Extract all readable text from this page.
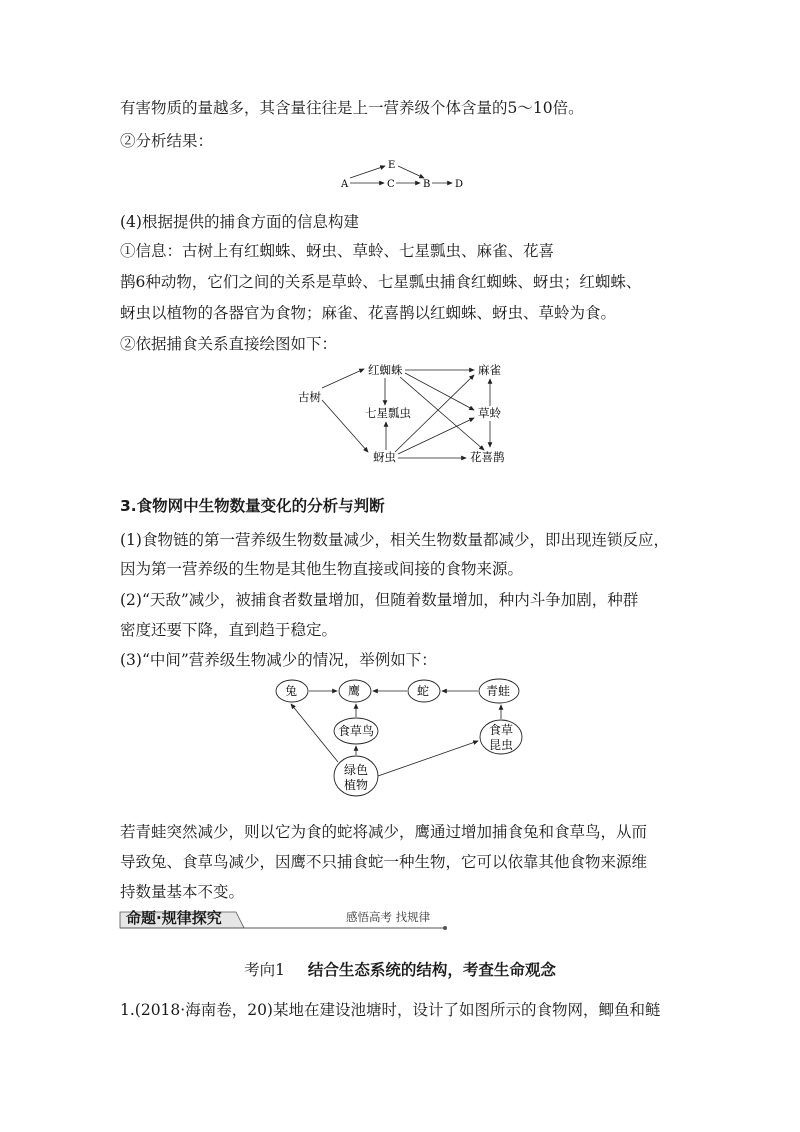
有害物质的量越多，其含量往往是上一营养级个体含量的5～10倍。
②分析结果：
E
A	C	B D
古树
红蜘蛛
七星瓢虫
蚜虫
麻雀
草蛉
花喜鹊
兔	鹰	蛇	青蛙
食草鸟	食草
昆虫
绿色
植物
(4)根据提供的捕食方面的信息构建
①信息：古树上有红蜘蛛、蚜虫、草蛉、七星瓢虫、麻雀、花喜
鹊6种动物，它们之间的关系是草蛉、七星瓢虫捕食红蜘蛛、蚜虫；红蜘蛛、
蚜虫以植物的各器官为食物；麻雀、花喜鹊以红蜘蛛、蚜虫、草蛉为食。
②依据捕食关系直接绘图如下：
3.食物网中生物数量变化的分析与判断
(1)食物链的第一营养级生物数量减少，相关生物数量都减少，即出现连锁反应，
因为第一营养级的生物是其他生物直接或间接的食物来源。
(2)“天敌”减少，被捕食者数量增加，但随着数量增加，种内斗争加剧，种群
密度还要下降，直到趋于稳定。
(3)“中间”营养级生物减少的情况，举例如下：
若青蛙突然减少，则以它为食的蛇将减少，鹰通过增加捕食兔和食草鸟，从而
导致兔、食草鸟减少，因鹰不只捕食蛇一种生物，它可以依靠其他食物来源维
持数量基本不变。
命题·规律探究	感悟高考 找规律
考向1 结合生态系统的结构，考查生命观念
1.(2018·海南卷，20)某地在建设池塘时，设计了如图所示的食物网，鲫鱼和鲢
